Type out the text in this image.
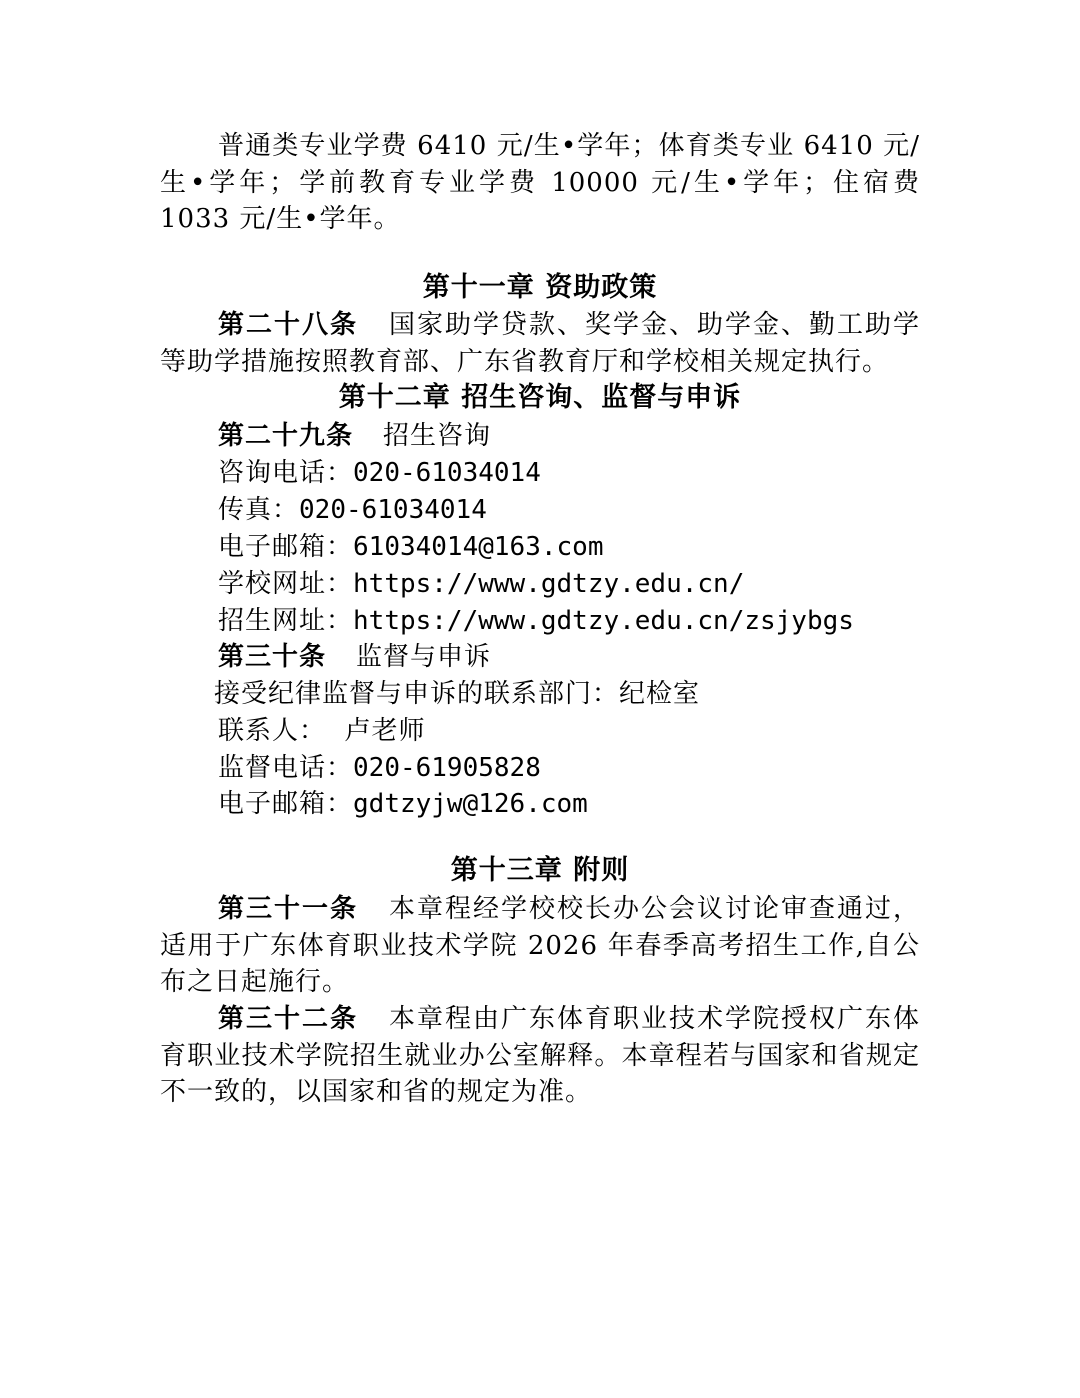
普通类专业学费 6410 元/生•学年；体育类专业 6410 元/生•学年；学前教育专业学费 10000 元/生•学年；住宿费 1033 元/生•学年。

第十一章 资助政策

第二十八条 国家助学贷款、奖学金、助学金、勤工助学等助学措施按照教育部、广东省教育厅和学校相关规定执行。

第十二章 招生咨询、监督与申诉
第二十九条 招生咨询
咨询电话：020-61034014
传真：020-61034014
电子邮箱：61034014@163.com
学校网址：https://www.gdtzy.edu.cn/
招生网址：https://www.gdtzy.edu.cn/zsjybgs
第三十条 监督与申诉
接受纪律监督与申诉的联系部门：纪检室
联系人：  卢老师
监督电话：020-61905828
电子邮箱：gdtzyjw@126.com
第十三章 附则

第三十一条 本章程经学校校长办公会议讨论审查通过，适用于广东体育职业技术学院 2026 年春季高考招生工作,自公布之日起施行。

第三十二条 本章程由广东体育职业技术学院授权广东体育职业技术学院招生就业办公室解释。本章程若与国家和省规定不一致的，以国家和省的规定为准。
